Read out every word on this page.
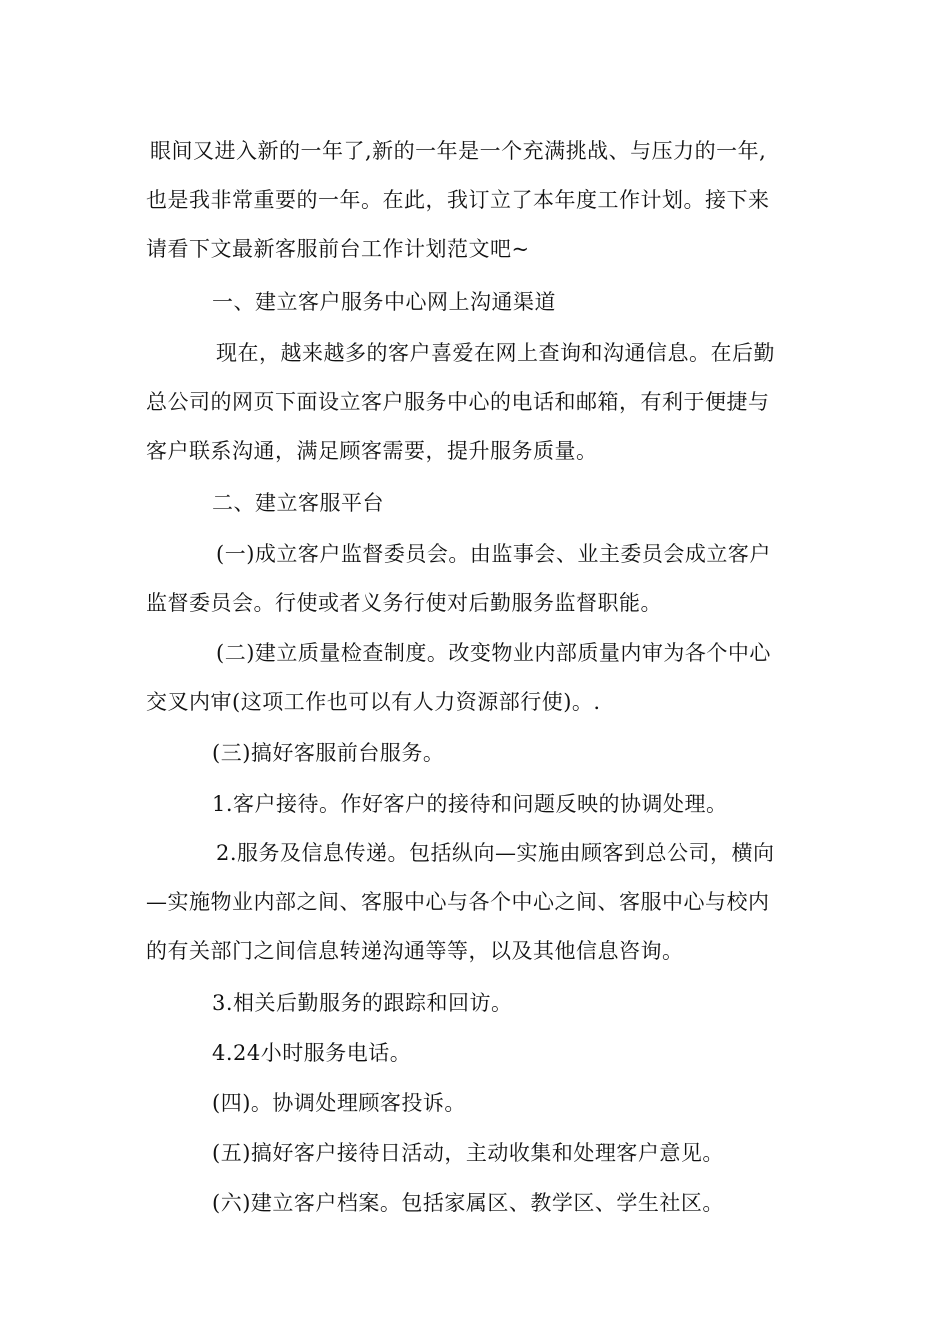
眼间又进入新的一年了,新的一年是一个充满挑战、与压力的一年,
也是我非常重要的一年。在此，我订立了本年度工作计划。接下来
请看下文最新客服前台工作计划范文吧~
一、建立客户服务中心网上沟通渠道
现在，越来越多的客户喜爱在网上查询和沟通信息。在后勤
总公司的网页下面设立客户服务中心的电话和邮箱，有利于便捷与
客户联系沟通，满足顾客需要，提升服务质量。
二、建立客服平台
(一)成立客户监督委员会。由监事会、业主委员会成立客户
监督委员会。行使或者义务行使对后勤服务监督职能。
(二)建立质量检查制度。改变物业内部质量内审为各个中心
交叉内审(这项工作也可以有人力资源部行使)。.
(三)搞好客服前台服务。
1.客户接待。作好客户的接待和问题反映的协调处理。
2.服务及信息传递。包括纵向—实施由顾客到总公司，横向
—实施物业内部之间、客服中心与各个中心之间、客服中心与校内
的有关部门之间信息转递沟通等等，以及其他信息咨询。
3.相关后勤服务的跟踪和回访。
4.24小时服务电话。
(四)。协调处理顾客投诉。
(五)搞好客户接待日活动，主动收集和处理客户意见。
(六)建立客户档案。包括家属区、教学区、学生社区。
